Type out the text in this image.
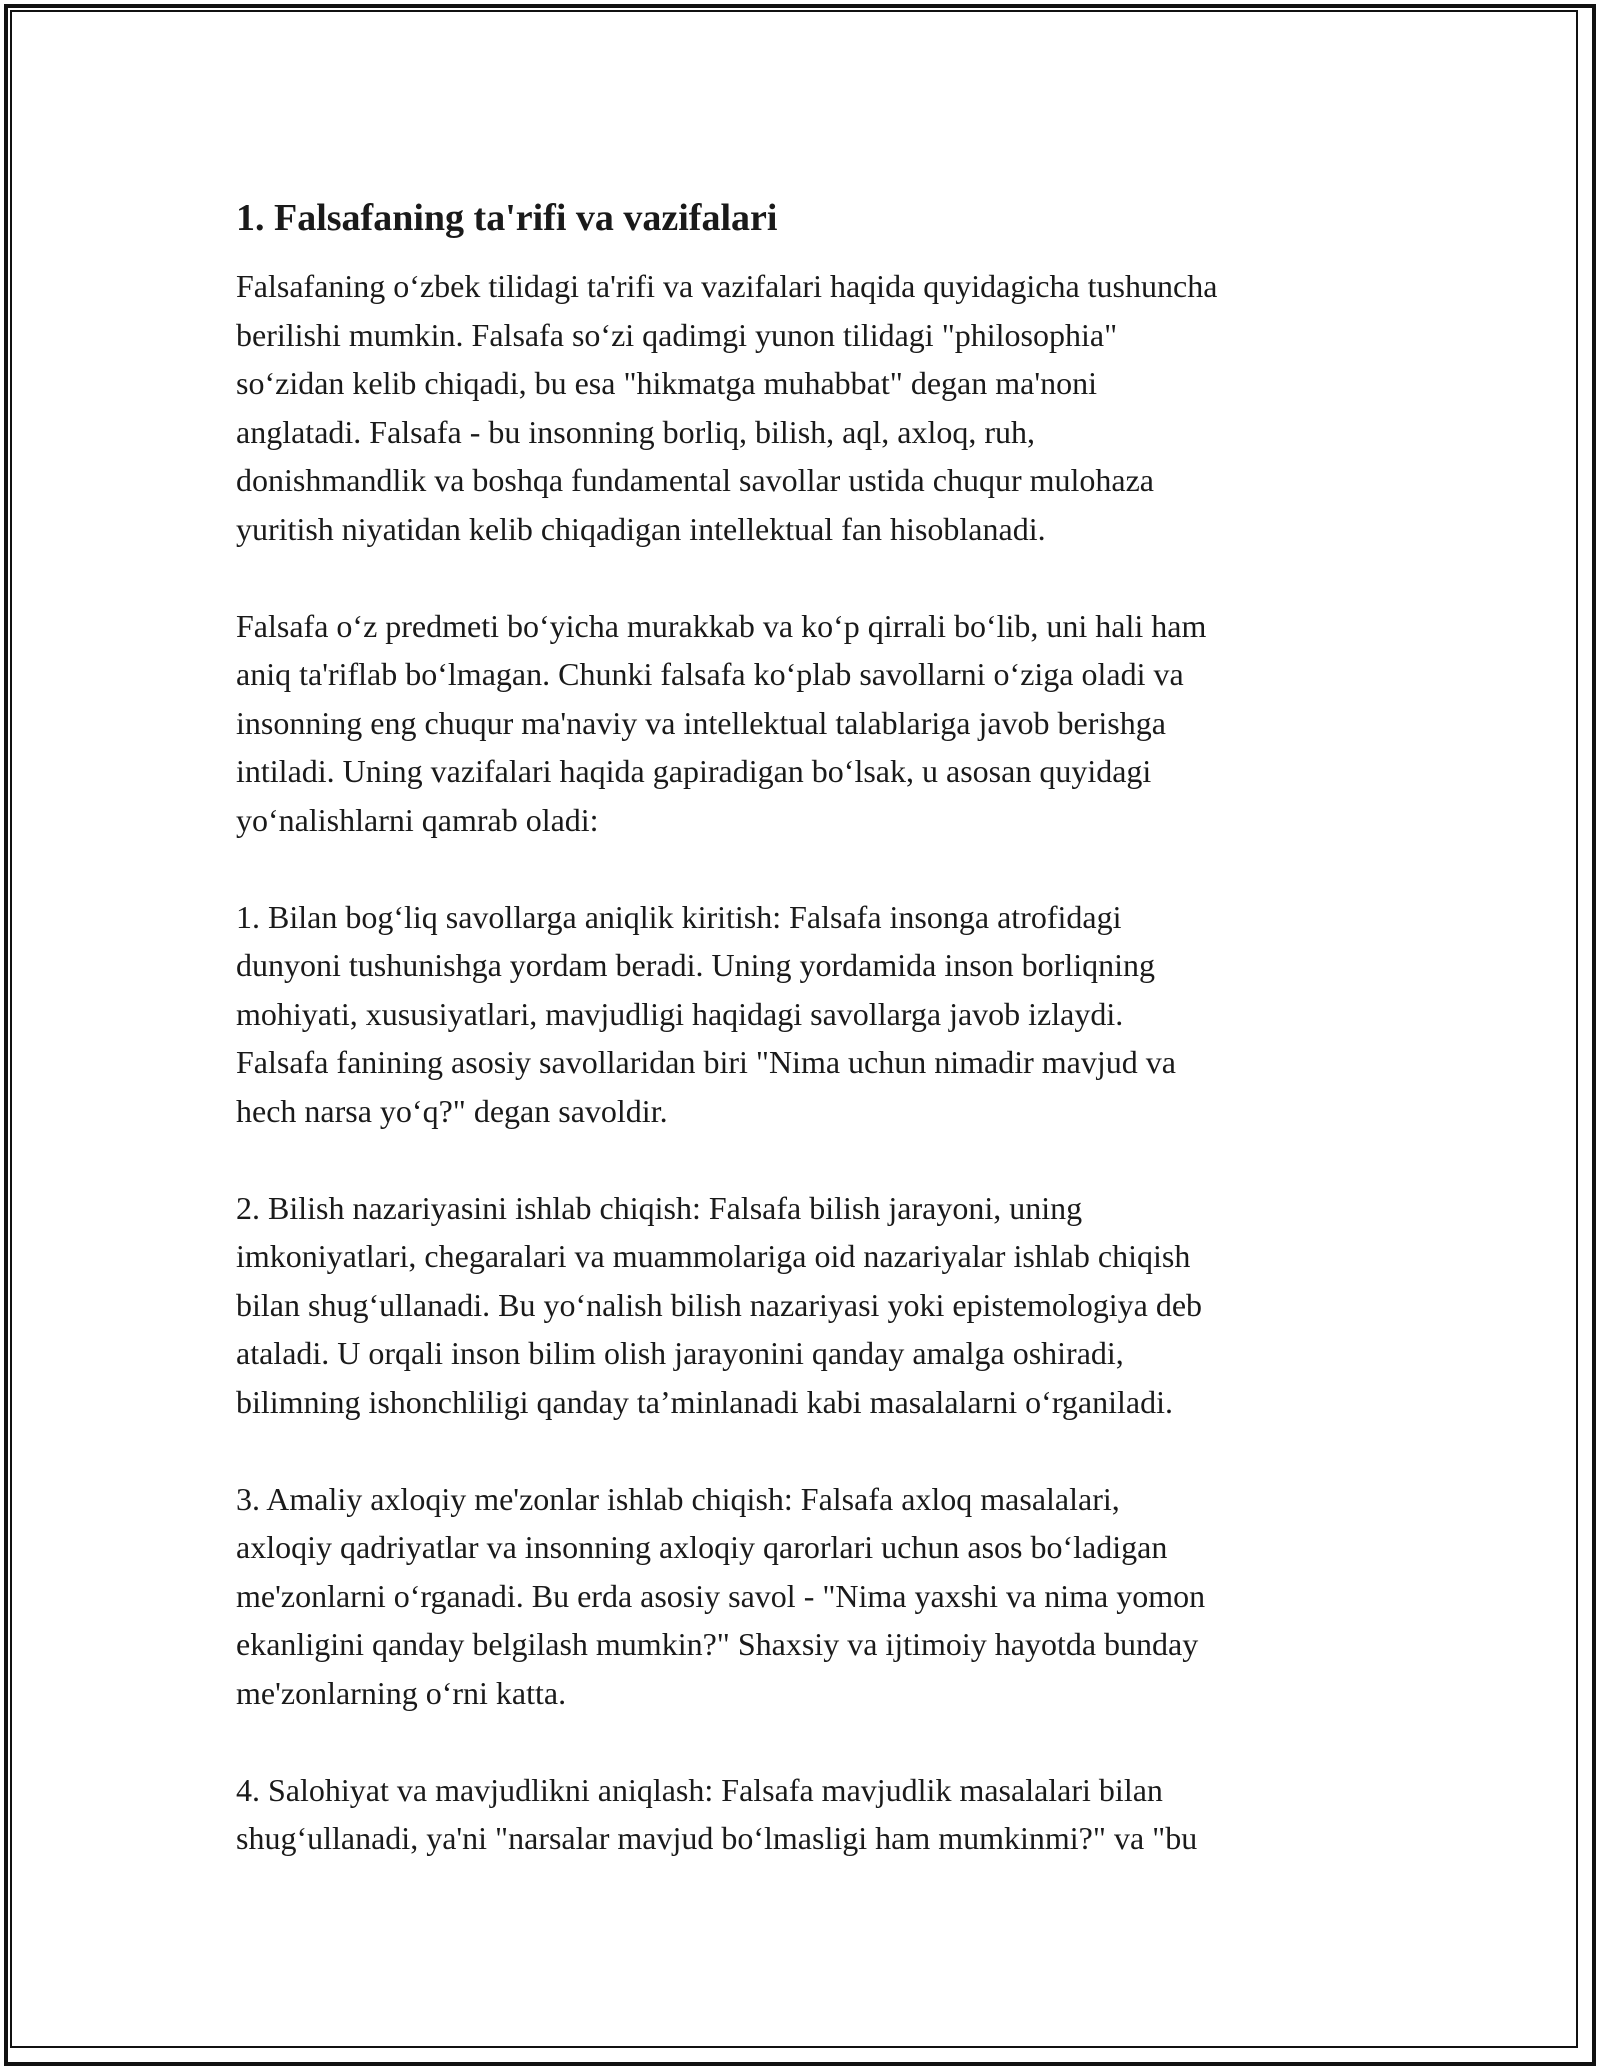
1. Falsafaning ta'rifi va vazifalari
Falsafaning o‘zbek tilidagi ta'rifi va vazifalari haqida quyidagicha tushuncha
berilishi mumkin. Falsafa so‘zi qadimgi yunon tilidagi "philosophia"
so‘zidan kelib chiqadi, bu esa "hikmatga muhabbat" degan ma'noni
anglatadi. Falsafa - bu insonning borliq, bilish, aql, axloq, ruh,
donishmandlik va boshqa fundamental savollar ustida chuqur mulohaza
yuritish niyatidan kelib chiqadigan intellektual fan hisoblanadi.
Falsafa o‘z predmeti bo‘yicha murakkab va ko‘p qirrali bo‘lib, uni hali ham
aniq ta'riflab bo‘lmagan. Chunki falsafa ko‘plab savollarni o‘ziga oladi va
insonning eng chuqur ma'naviy va intellektual talablariga javob berishga
intiladi. Uning vazifalari haqida gapiradigan bo‘lsak, u asosan quyidagi
yo‘nalishlarni qamrab oladi:
1. Bilan bog‘liq savollarga aniqlik kiritish: Falsafa insonga atrofidagi
dunyoni tushunishga yordam beradi. Uning yordamida inson borliqning
mohiyati, xususiyatlari, mavjudligi haqidagi savollarga javob izlaydi.
Falsafa fanining asosiy savollaridan biri "Nima uchun nimadir mavjud va
hech narsa yo‘q?" degan savoldir.
2. Bilish nazariyasini ishlab chiqish: Falsafa bilish jarayoni, uning
imkoniyatlari, chegaralari va muammolariga oid nazariyalar ishlab chiqish
bilan shug‘ullanadi. Bu yo‘nalish bilish nazariyasi yoki epistemologiya deb
ataladi. U orqali inson bilim olish jarayonini qanday amalga oshiradi,
bilimning ishonchliligi qanday ta’minlanadi kabi masalalarni o‘rganiladi.
3. Amaliy axloqiy me'zonlar ishlab chiqish: Falsafa axloq masalalari,
axloqiy qadriyatlar va insonning axloqiy qarorlari uchun asos bo‘ladigan
me'zonlarni o‘rganadi. Bu erda asosiy savol - "Nima yaxshi va nima yomon
ekanligini qanday belgilash mumkin?" Shaxsiy va ijtimoiy hayotda bunday
me'zonlarning o‘rni katta.
4. Salohiyat va mavjudlikni aniqlash: Falsafa mavjudlik masalalari bilan
shug‘ullanadi, ya'ni "narsalar mavjud bo‘lmasligi ham mumkinmi?" va "bu
